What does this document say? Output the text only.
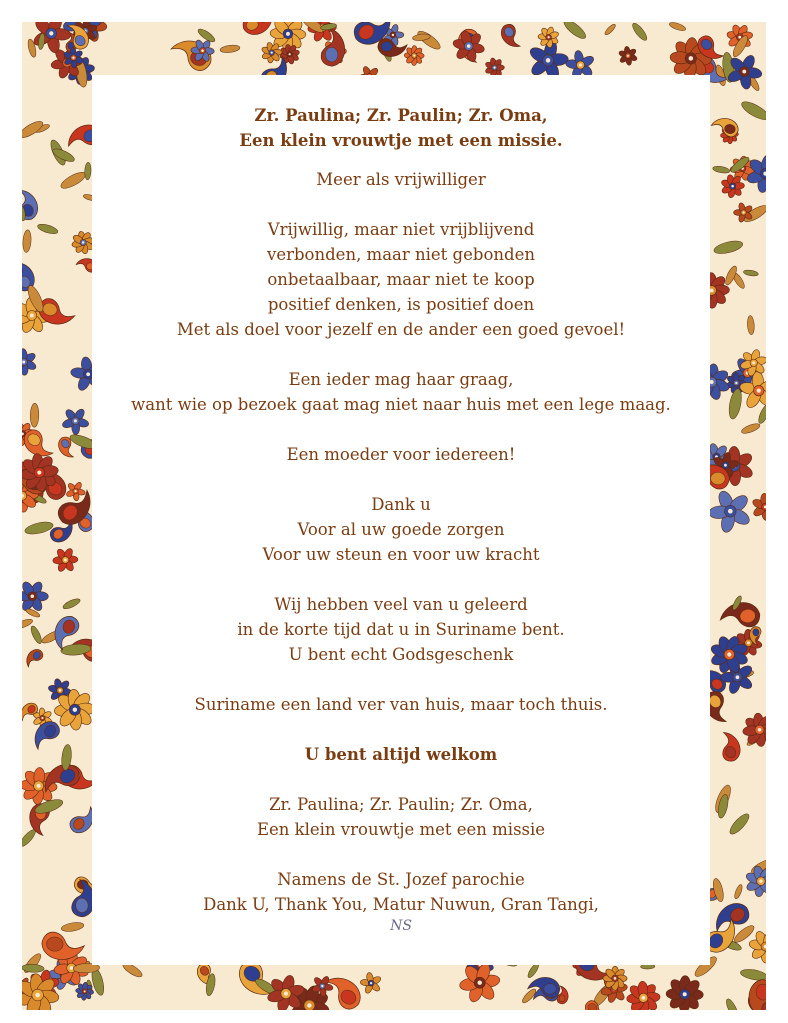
Zr. Paulina; Zr. Paulin; Zr. Oma,
Een klein vrouwtje met een missie.
Meer als vrijwilliger
Vrijwillig, maar niet vrijblijvend
verbonden, maar niet gebonden
onbetaalbaar, maar niet te koop
positief denken, is positief doen
Met als doel voor jezelf en de ander een goed gevoel!
Een ieder mag haar graag,
want wie op bezoek gaat mag niet naar huis met een lege maag.
Een moeder voor iedereen!
Dank u
Voor al uw goede zorgen
Voor uw steun en voor uw kracht
Wij hebben veel van u geleerd
in de korte tijd dat u in Suriname bent.
U bent echt Godsgeschenk
Suriname een land ver van huis, maar toch thuis.
U bent altijd welkom
Zr. Paulina; Zr. Paulin; Zr. Oma,
Een klein vrouwtje met een missie
Namens de St. Jozef parochie
Dank U, Thank You, Matur Nuwun, Gran Tangi,
NS
